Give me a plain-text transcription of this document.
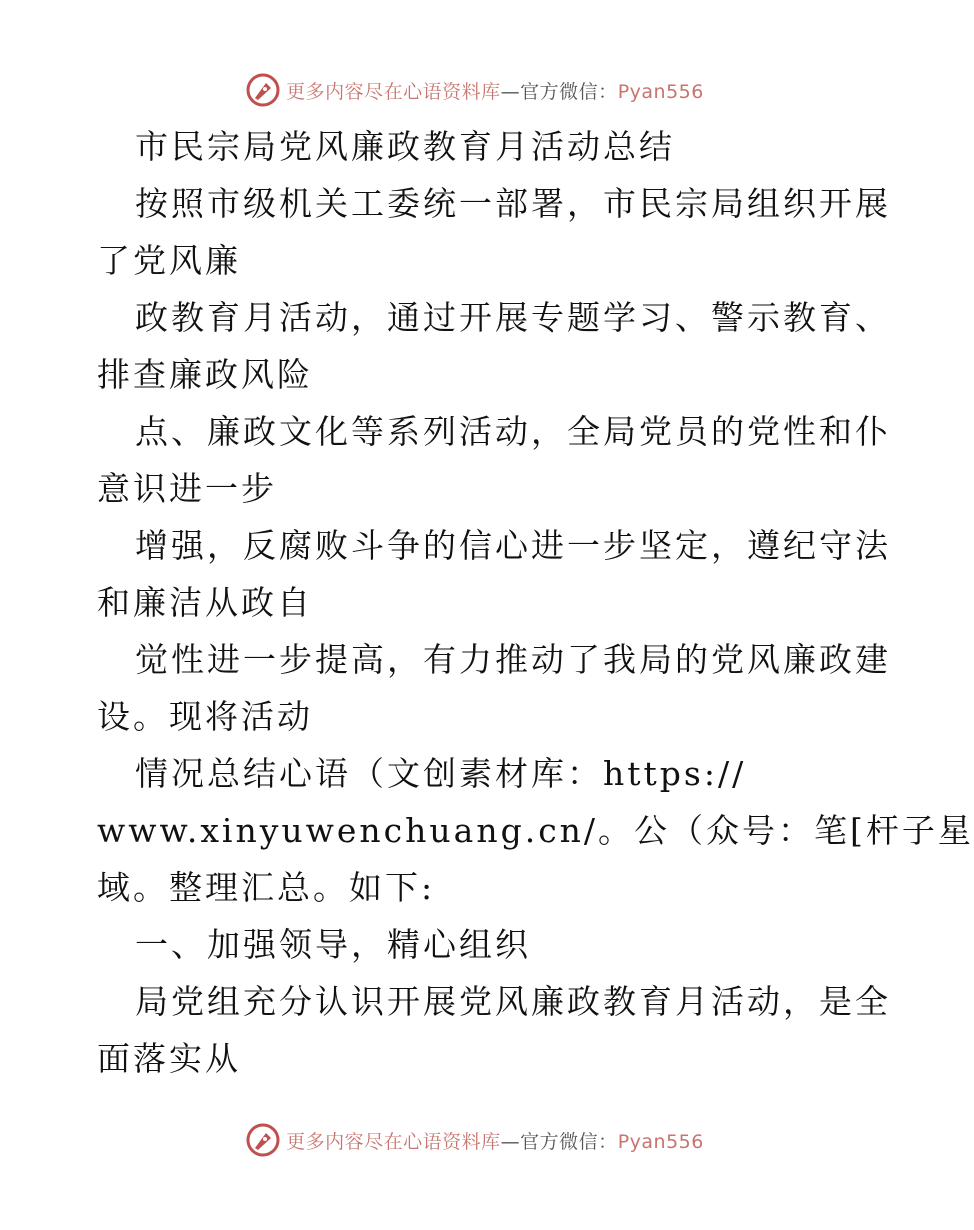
更多内容尽在心语资料库—官方微信：Pyan556
市民宗局党风廉政教育月活动总结
按照市级机关工委统一部署，市民宗局组织开展
了党风廉
政教育月活动，通过开展专题学习、警示教育、
排查廉政风险
点、廉政文化等系列活动，全局党员的党性和仆
意识进一步
增强，反腐败斗争的信心进一步坚定，遵纪守法
和廉洁从政自
觉性进一步提高，有力推动了我局的党风廉政建
设。现将活动
情况总结心语（文创素材库：https://
www.xinyuwenchuang.cn/。公（众号：笔[杆子星
域。整理汇总。如下:
一、加强领导，精心组织
局党组充分认识开展党风廉政教育月活动，是全
面落实从
更多内容尽在心语资料库—官方微信：Pyan556
